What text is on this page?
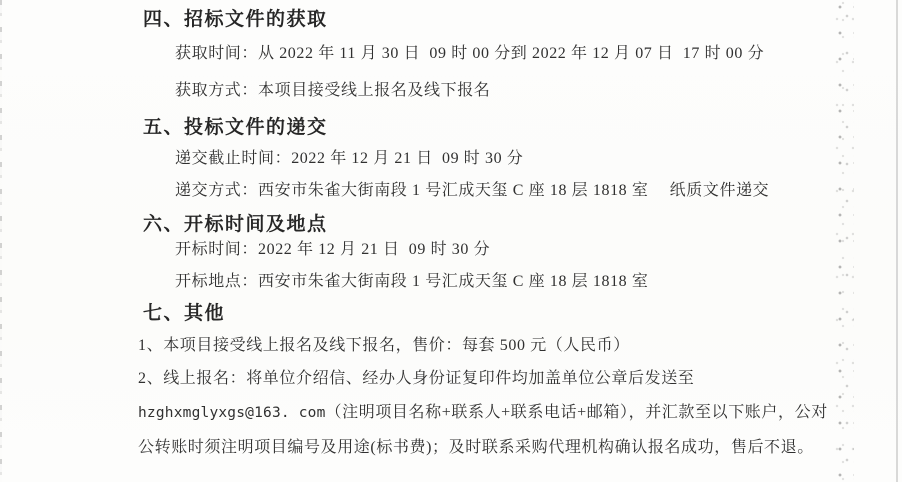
四、招标文件的获取

获取时间：从 2022 年 11 月 30 日  09 时 00 分到 2022 年 12 月 07 日  17 时 00 分

获取方式：本项目接受线上报名及线下报名

五、投标文件的递交

递交截止时间：2022 年 12 月 21 日  09 时 30 分

递交方式：西安市朱雀大街南段 1 号汇成天玺 C 座 18 层 1818 室　 纸质文件递交

六、开标时间及地点

开标时间：2022 年 12 月 21 日  09 时 30 分

开标地点：西安市朱雀大街南段 1 号汇成天玺 C 座 18 层 1818 室

七、其他

1、本项目接受线上报名及线下报名，售价：每套 500 元（人民币）

2、线上报名：将单位介绍信、经办人身份证复印件均加盖单位公章后发送至

hzghxmglyxgs@163. com（注明项目名称+联系人+联系电话+邮箱），并汇款至以下账户，公对

公转账时须注明项目编号及用途(标书费)；及时联系采购代理机构确认报名成功，售后不退。
